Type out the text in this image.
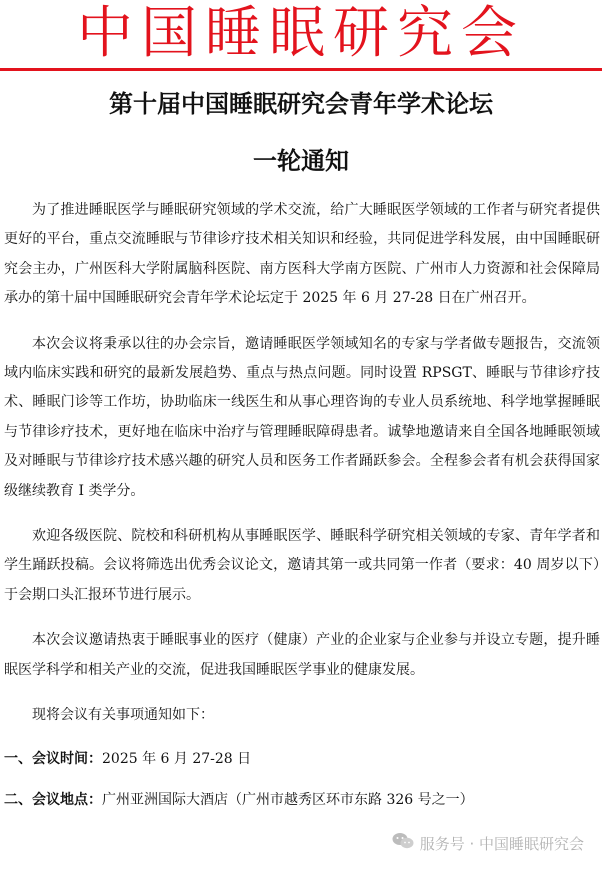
中国睡眠研究会
第十届中国睡眠研究会青年学术论坛
一轮通知

为了推进睡眠医学与睡眠研究领域的学术交流，给广大睡眠医学领域的工作者与研究者提供更好的平台，重点交流睡眠与节律诊疗技术相关知识和经验，共同促进学科发展，由中国睡眠研究会主办，广州医科大学附属脑科医院、南方医科大学南方医院、广州市人力资源和社会保障局承办的第十届中国睡眠研究会青年学术论坛定于 2025 年 6 月 27-28 日在广州召开。

本次会议将秉承以往的办会宗旨，邀请睡眠医学领域知名的专家与学者做专题报告，交流领域内临床实践和研究的最新发展趋势、重点与热点问题。同时设置 RPSGT、睡眠与节律诊疗技术、睡眠门诊等工作坊，协助临床一线医生和从事心理咨询的专业人员系统地、科学地掌握睡眠与节律诊疗技术，更好地在临床中治疗与管理睡眠障碍患者。诚挚地邀请来自全国各地睡眠领域及对睡眠与节律诊疗技术感兴趣的研究人员和医务工作者踊跃参会。全程参会者有机会获得国家级继续教育 I 类学分。

欢迎各级医院、院校和科研机构从事睡眠医学、睡眠科学研究相关领域的专家、青年学者和学生踊跃投稿。会议将筛选出优秀会议论文，邀请其第一或共同第一作者（要求：40 周岁以下）于会期口头汇报环节进行展示。

本次会议邀请热衷于睡眠事业的医疗（健康）产业的企业家与企业参与并设立专题，提升睡眠医学科学和相关产业的交流，促进我国睡眠医学事业的健康发展。

现将会议有关事项通知如下：

一、会议时间：2025 年 6 月 27-28 日
二、会议地点：广州亚洲国际大酒店（广州市越秀区环市东路 326 号之一）
服务号 · 中国睡眠研究会
